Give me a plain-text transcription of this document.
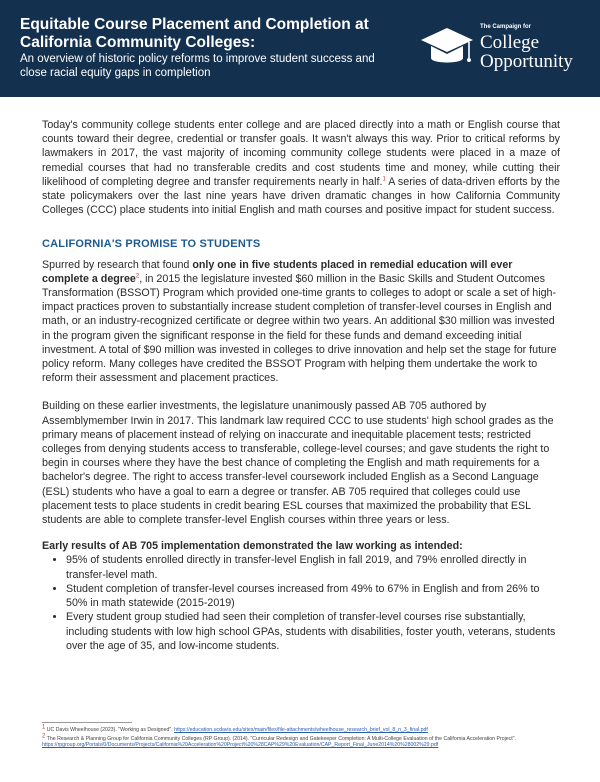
Equitable Course Placement and Completion at California Community Colleges:

An overview of historic policy reforms to improve student success and close racial equity gaps in completion

The Campaign for
College
Opportunity

Today's community college students enter college and are placed directly into a math or English course that counts toward their degree, credential or transfer goals. It wasn't always this way. Prior to critical reforms by lawmakers in 2017, the vast majority of incoming community college students were placed in a maze of remedial courses that had no transferable credits and cost students time and money, while cutting their likelihood of completing degree and transfer requirements nearly in half.$^1$ A series of data-driven efforts by the state policymakers over the last nine years have driven dramatic changes in how California Community Colleges (CCC) place students into initial English and math courses and positive impact for student success.

CALIFORNIA'S PROMISE TO STUDENTS

Spurred by research that found only one in five students placed in remedial education will ever complete a degree$^2$, in 2015 the legislature invested $60 million in the Basic Skills and Student Outcomes Transformation (BSSOT) Program which provided one-time grants to colleges to adopt or scale a set of high-impact practices proven to substantially increase student completion of transfer-level courses in English and math, or an industry-recognized certificate or degree within two years. An additional $30 million was invested in the program given the significant response in the field for these funds and demand exceeding initial investment. A total of $90 million was invested in colleges to drive innovation and help set the stage for future policy reform. Many colleges have credited the BSSOT Program with helping them undertake the work to reform their assessment and placement practices.

Building on these earlier investments, the legislature unanimously passed AB 705 authored by Assemblymember Irwin in 2017. This landmark law required CCC to use students' high school grades as the primary means of placement instead of relying on inaccurate and inequitable placement tests; restricted colleges from denying students access to transferable, college-level courses; and gave students the right to begin in courses where they have the best chance of completing the English and math requirements for a bachelor's degree. The right to access transfer-level coursework included English as a Second Language (ESL) students who have a goal to earn a degree or transfer. AB 705 required that colleges could use placement tests to place students in credit bearing ESL courses that maximized the probability that ESL students are able to complete transfer-level English courses within three years or less.

Early results of AB 705 implementation demonstrated the law working as intended:

• 95% of students enrolled directly in transfer-level English in fall 2019, and 79% enrolled directly in transfer-level math.
• Student completion of transfer-level courses increased from 49% to 67% in English and from 26% to 50% in math statewide (2015-2019)
• Every student group studied had seen their completion of transfer-level courses rise substantially, including students with low high school GPAs, students with disabilities, foster youth, veterans, students over the age of 35, and low-income students.

$^1$ UC Davis Wheelhouse (2023). "Working as Designed". https://education.ucdavis.edu/sites/main/files/file-attachments/wheelhouse_research_brief_vol_8_n_3_final.pdf

$^2$ The Research & Planning Group for California Community Colleges (RP Group). (2014). "Curricular Redesign and Gatekeeper Completion: A Multi-College Evaluation of the California Acceleration Project". https://rpgroup.org/Portals/0/Documents/Projects/California%20Acceleration%20Project%20%28CAP%29%20Evaluation/CAP_Report_Final_June2014%20%28002%29.pdf
